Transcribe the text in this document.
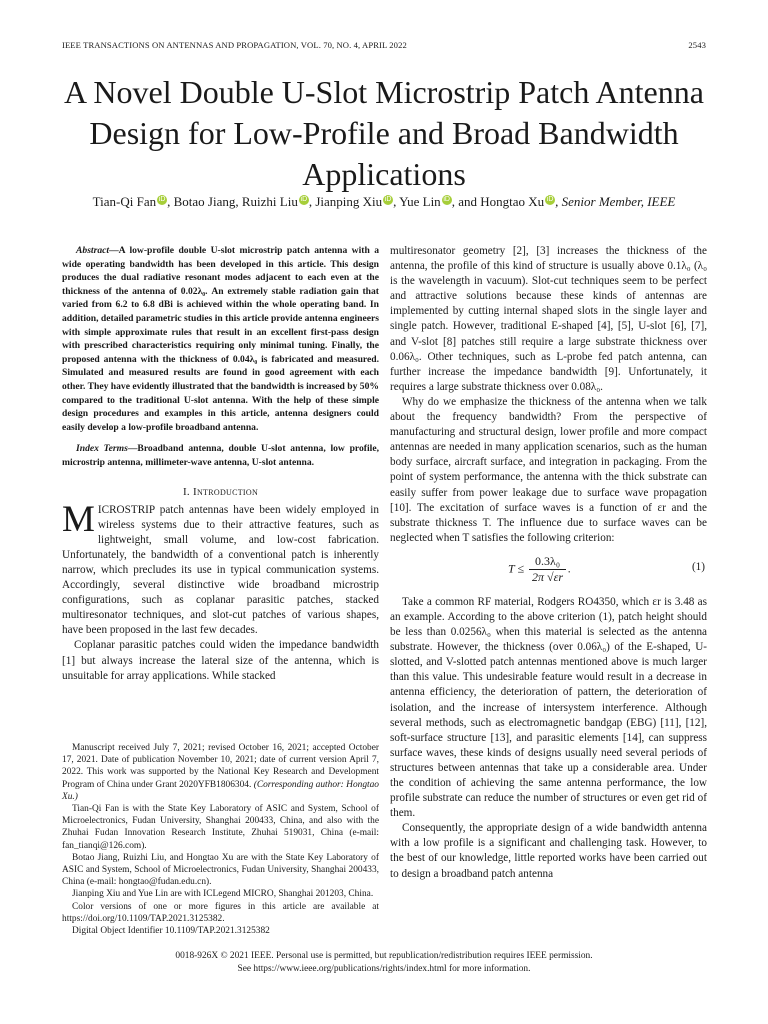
IEEE TRANSACTIONS ON ANTENNAS AND PROPAGATION, VOL. 70, NO. 4, APRIL 2022	2543
A Novel Double U-Slot Microstrip Patch Antenna Design for Low-Profile and Broad Bandwidth Applications
Tian-Qi Fan iD , Botao Jiang, Ruizhi Liu iD , Jianping Xiu iD , Yue Lin iD , and Hongtao Xu iD , Senior Member, IEEE

Abstract—A low-profile double U-slot microstrip patch antenna with a wide operating bandwidth has been developed in this article. This design produces the dual radiative resonant modes adjacent to each even at the thickness of the antenna of 0.02λ₀. An extremely stable radiation gain that varied from 6.2 to 6.8 dBi is achieved within the whole operating band. In addition, detailed parametric studies in this article provide antenna engineers with simple approximate rules that result in an excellent first-pass design with prescribed characteristics requiring only minimal tuning. Finally, the proposed antenna with the thickness of 0.04λ₀ is fabricated and measured. Simulated and measured results are found in good agreement with each other. They have evidently illustrated that the bandwidth is increased by 50% compared to the traditional U-slot antenna. With the help of these simple design procedures and examples in this article, antenna designers could easily develop a low-profile broadband antenna.

Index Terms—Broadband antenna, double U-slot antenna, low profile, microstrip antenna, millimeter-wave antenna, U-slot antenna.

I. Introduction

MICROSTRIP patch antennas have been widely employed in wireless systems due to their attractive features, such as lightweight, small volume, and low-cost fabrication. Unfortunately, the bandwidth of a conventional patch is inherently narrow, which precludes its use in typical communication systems. Accordingly, several distinctive wide broadband microstrip configurations, such as coplanar parasitic patches, stacked multiresonator techniques, and slot-cut patches of various shapes, have been proposed in the last few decades.

Coplanar parasitic patches could widen the impedance bandwidth [1] but always increase the lateral size of the antenna, which is unsuitable for array applications. While stacked

Manuscript received July 7, 2021; revised October 16, 2021; accepted October 17, 2021. Date of publication November 10, 2021; date of current version April 7, 2022. This work was supported by the National Key Research and Development Program of China under Grant 2020YFB1806304. (Corresponding author: Hongtao Xu.)

Tian-Qi Fan is with the State Key Laboratory of ASIC and System, School of Microelectronics, Fudan University, Shanghai 200433, China, and also with the Zhuhai Fudan Innovation Research Institute, Zhuhai 519031, China (e-mail: fan_tianqi@126.com).

Botao Jiang, Ruizhi Liu, and Hongtao Xu are with the State Key Laboratory of ASIC and System, School of Microelectronics, Fudan University, Shanghai 200433, China (e-mail: hongtao@fudan.edu.cn).

Jianping Xiu and Yue Lin are with ICLegend MICRO, Shanghai 201203, China.

Color versions of one or more figures in this article are available at https://doi.org/10.1109/TAP.2021.3125382.

Digital Object Identifier 10.1109/TAP.2021.3125382

multiresonator geometry [2], [3] increases the thickness of the antenna, the profile of this kind of structure is usually above 0.1λ₀ (λ₀ is the wavelength in vacuum). Slot-cut techniques seem to be perfect and attractive solutions because these kinds of antennas are implemented by cutting internal shaped slots in the single layer and single patch. However, traditional E-shaped [4], [5], U-slot [6], [7], and V-slot [8] patches still require a large substrate thickness over 0.06λ₀. Other techniques, such as L-probe fed patch antenna, can further increase the impedance bandwidth [9]. Unfortunately, it requires a large substrate thickness over 0.08λ₀.

Why do we emphasize the thickness of the antenna when we talk about the frequency bandwidth? From the perspective of manufacturing and structural design, lower profile and more compact antennas are needed in many application scenarios, such as the human body surface, aircraft surface, and integration in packaging. From the point of system performance, the antenna with the thick substrate can easily suffer from power leakage due to surface wave propagation [10]. The excitation of surface waves is a function of εr and the substrate thickness T. The influence due to surface waves can be neglected when T satisfies the following criterion:

$T \le \frac{\text{0.3λ₀}}{2\pi √\varepsilon r}$ .	(1)

Take a common RF material, Rodgers RO4350, which εr is 3.48 as an example. According to the above criterion (1), patch height should be less than 0.0256λ₀ when this material is selected as the antenna substrate. However, the thickness (over 0.06λ₀) of the E-shaped, U-slotted, and V-slotted patch antennas mentioned above is much larger than this value. This undesirable feature would result in a decrease in antenna efficiency, the deterioration of pattern, the deterioration of isolation, and the increase of intersystem interference. Although several methods, such as electromagnetic bandgap (EBG) [11], [12], soft-surface structure [13], and parasitic elements [14], can suppress surface waves, these kinds of designs usually need several periods of structures between antennas that take up a considerable area. Under the condition of achieving the same antenna performance, the low profile substrate can reduce the number of structures or even get rid of them.

Consequently, the appropriate design of a wide bandwidth antenna with a low profile is a significant and challenging task. However, to the best of our knowledge, little reported works have been carried out to design a broadband patch antenna

0018-926X © 2021 IEEE. Personal use is permitted, but republication/redistribution requires IEEE permission.
See https://www.ieee.org/publications/rights/index.html for more information.
